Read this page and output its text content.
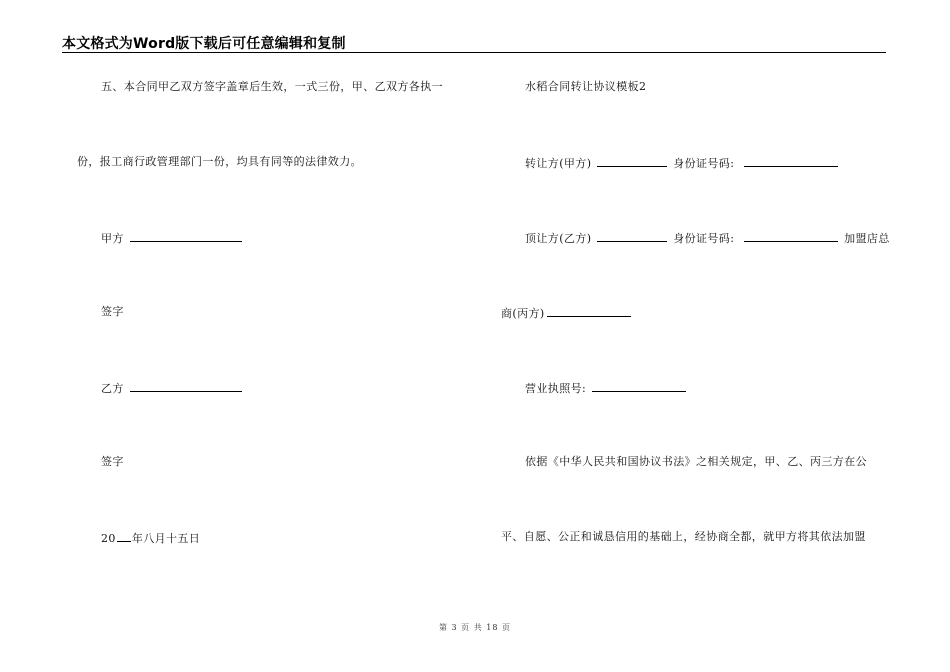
本文格式为Word版下载后可任意编辑和复制
五、本合同甲乙双方签字盖章后生效，一式三份，甲、乙双方各执一
份，报工商行政管理部门一份，均具有同等的法律效力。
甲方
签字
乙方
签字
20 年八月十五日
水稻合同转让协议模板2
转让方(甲方)	身份证号码:
顶让方(乙方)	身份证号码:	加盟店总
商(丙方)
营业执照号:
依据《中华人民共和国协议书法》之相关规定，甲、乙、丙三方在公
平、自愿、公正和诚恳信用的基础上，经协商全都，就甲方将其依法加盟
第 3 页 共 18 页
